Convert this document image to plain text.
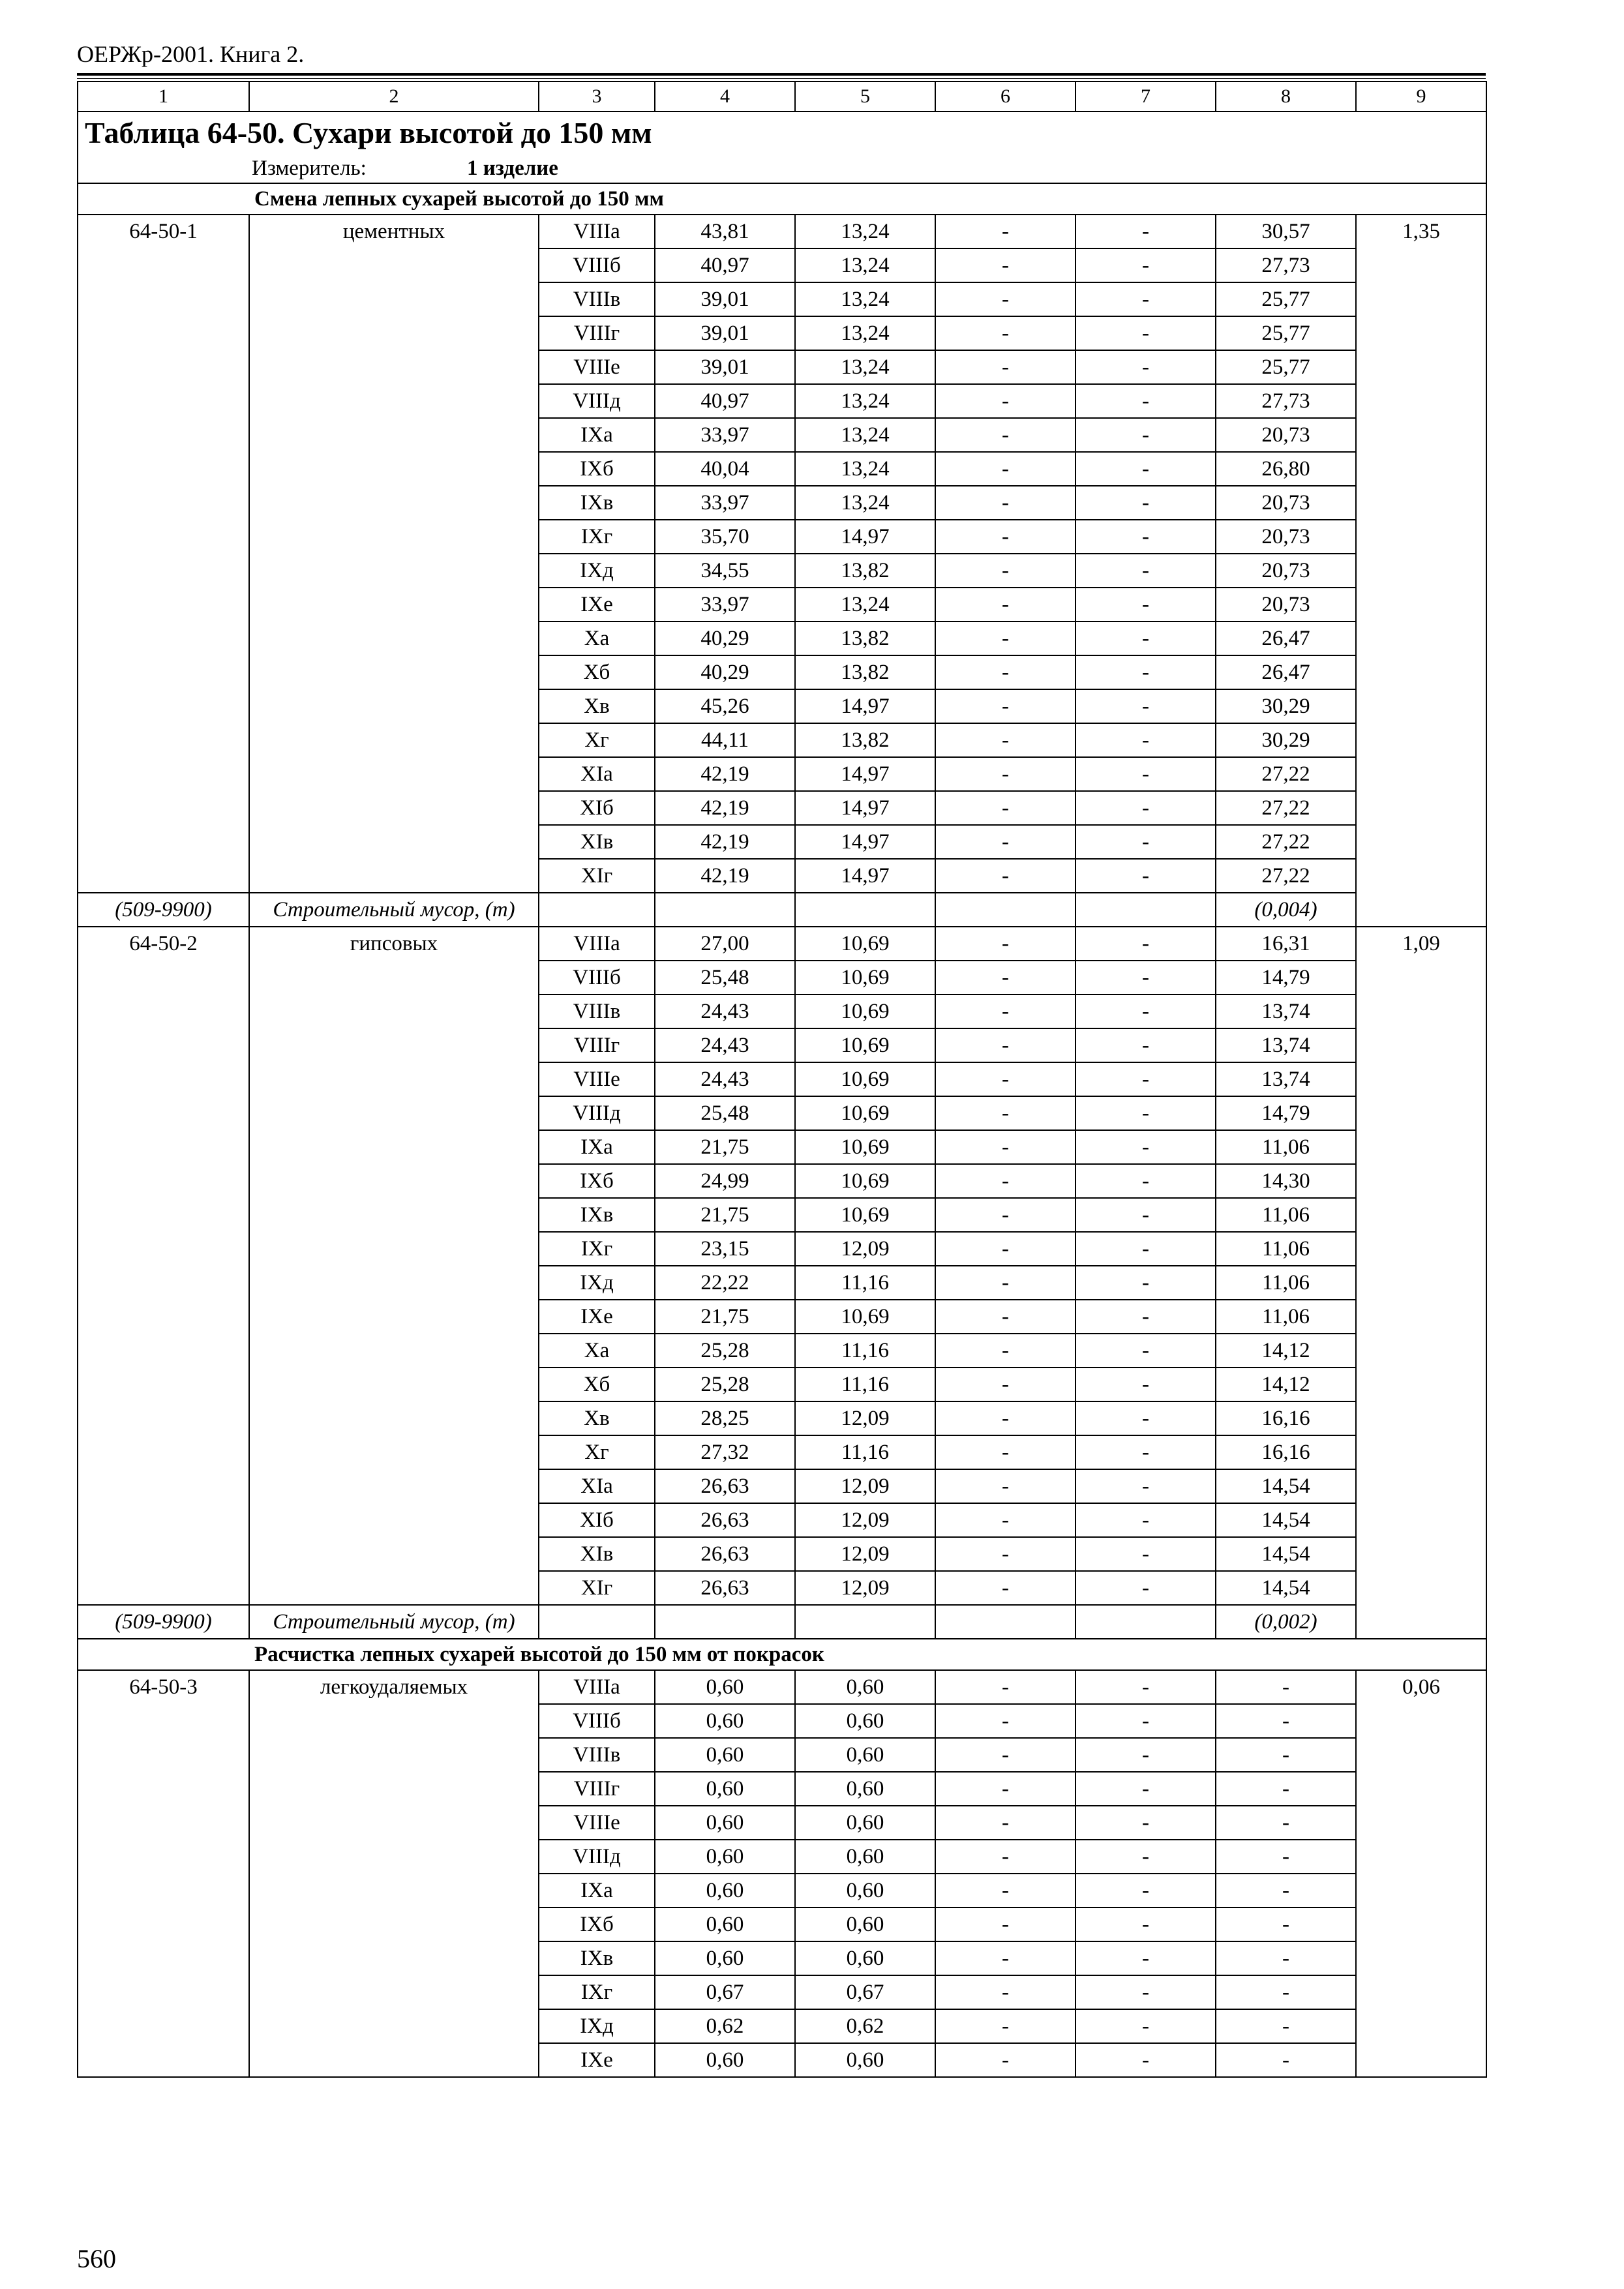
ОЕРЖр-2001. Книга 2.
1	2	3	4	5	6	7	8	9
Таблица 64-50. Сухари высотой до 150 мм								
Измеритель: 1 изделие								
Смена лепных сухарей высотой до 150 мм								
64-50-1	цементных	VIIIа	43,81	13,24	-	-	30,57	1,35
		VIIIб	40,97	13,24	-	-	27,73	
		VIIIв	39,01	13,24	-	-	25,77	
		VIIIг	39,01	13,24	-	-	25,77	
		VIIIе	39,01	13,24	-	-	25,77	
		VIIIд	40,97	13,24	-	-	27,73	
		IXа	33,97	13,24	-	-	20,73	
		IXб	40,04	13,24	-	-	26,80	
		IXв	33,97	13,24	-	-	20,73	
		IXг	35,70	14,97	-	-	20,73	
		IXд	34,55	13,82	-	-	20,73	
		IXе	33,97	13,24	-	-	20,73	
		Xа	40,29	13,82	-	-	26,47	
		Xб	40,29	13,82	-	-	26,47	
		Xв	45,26	14,97	-	-	30,29	
		Xг	44,11	13,82	-	-	30,29	
		XIа	42,19	14,97	-	-	27,22	
		XIб	42,19	14,97	-	-	27,22	
		XIв	42,19	14,97	-	-	27,22	
		XIг	42,19	14,97	-	-	27,22	
(509-9900)	Строительный мусор, (т)						(0,004)	
64-50-2	гипсовых	VIIIа	27,00	10,69	-	-	16,31	1,09
		VIIIб	25,48	10,69	-	-	14,79	
		VIIIв	24,43	10,69	-	-	13,74	
		VIIIг	24,43	10,69	-	-	13,74	
		VIIIе	24,43	10,69	-	-	13,74	
		VIIIд	25,48	10,69	-	-	14,79	
		IXа	21,75	10,69	-	-	11,06	
		IXб	24,99	10,69	-	-	14,30	
		IXв	21,75	10,69	-	-	11,06	
		IXг	23,15	12,09	-	-	11,06	
		IXд	22,22	11,16	-	-	11,06	
		IXе	21,75	10,69	-	-	11,06	
		Xа	25,28	11,16	-	-	14,12	
		Xб	25,28	11,16	-	-	14,12	
		Xв	28,25	12,09	-	-	16,16	
		Xг	27,32	11,16	-	-	16,16	
		XIа	26,63	12,09	-	-	14,54	
		XIб	26,63	12,09	-	-	14,54	
		XIв	26,63	12,09	-	-	14,54	
		XIг	26,63	12,09	-	-	14,54	
(509-9900)	Строительный мусор, (т)						(0,002)	
Расчистка лепных сухарей высотой до 150 мм от покрасок								
64-50-3	легкоудаляемых	VIIIа	0,60	0,60	-	-	-	0,06
		VIIIб	0,60	0,60	-	-	-	
		VIIIв	0,60	0,60	-	-	-	
		VIIIг	0,60	0,60	-	-	-	
		VIIIе	0,60	0,60	-	-	-	
		VIIIд	0,60	0,60	-	-	-	
		IXа	0,60	0,60	-	-	-	
		IXб	0,60	0,60	-	-	-	
		IXв	0,60	0,60	-	-	-	
		IXг	0,67	0,67	-	-	-	
		IXд	0,62	0,62	-	-	-	
		IXе	0,60	0,60	-	-	-	
560
